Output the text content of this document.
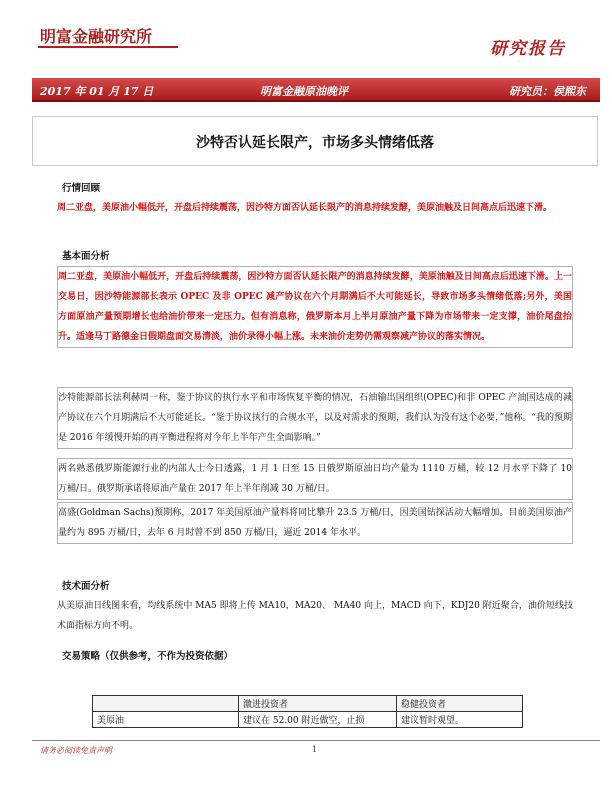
明富金融研究所
研究报告
2017 年 01 月 17 日	明富金融原油晚评	研究员：侯熙东
沙特否认延长限产，市场多头情绪低落
行情回顾
周二亚盘，美原油小幅低开，开盘后持续震荡，因沙特方面否认延长限产的消息持续发酵，美原油触及日间高点后迅速下滑。
基本面分析
周二亚盘，美原油小幅低开，开盘后持续震荡，因沙特方面否认延长限产的消息持续发酵，美原油触及日间高点后迅速下滑。上一交易日，因沙特能源部长表示 OPEC 及非 OPEC 减产协议在六个月期满后不大可能延长，导致市场多头情绪低落;另外，美国方面原油产量预期增长也给油价带来一定压力。但有消息称，俄罗斯本月上半月原油产量下降为市场带来一定支撑，油价尾盘抬升。适逢马丁路德金日假期盘面交易清淡，油价录得小幅上涨。未来油价走势仍需观察减产协议的落实情况。
沙特能源部长法利赫周一称，鉴于协议的执行水平和市场恢复平衡的情况，石油输出国组织(OPEC)和非 OPEC 产油国达成的减产协议在六个月期满后不大可能延长。“鉴于协议执行的合规水平，以及对需求的预期，我们认为没有这个必要，”他称。“我的预期是 2016 年缓慢开始的再平衡进程将对今年上半年产生全面影响。”
两名熟悉俄罗斯能源行业的内部人士今日透露，1 月 1 日至 15 日俄罗斯原油日均产量为 1110 万桶，较 12 月水平下降了 10 万桶/日。俄罗斯承诺将原油产量在 2017 年上半年削减 30 万桶/日。
高盛(Goldman Sachs)预期称，2017 年美国原油产量料将同比攀升 23.5 万桶/日，因美国钻探活动大幅增加。目前美国原油产量约为 895 万桶/日，去年 6 月时曾不到 850 万桶/日，逼近 2014 年水平。
技术面分析
从美原油日线图来看，均线系统中 MA5 即将上传 MA10，MA20、 MA40 向上，MACD 向下，KDJ20 附近聚合，油价短线技术面指标方向不明。
交易策略（仅供参考，不作为投资依据）
	激进投资者	稳健投资者
美原油	建议在 52.00 附近做空，止损	建议暂时观望。
请务必阅读免责声明	1
